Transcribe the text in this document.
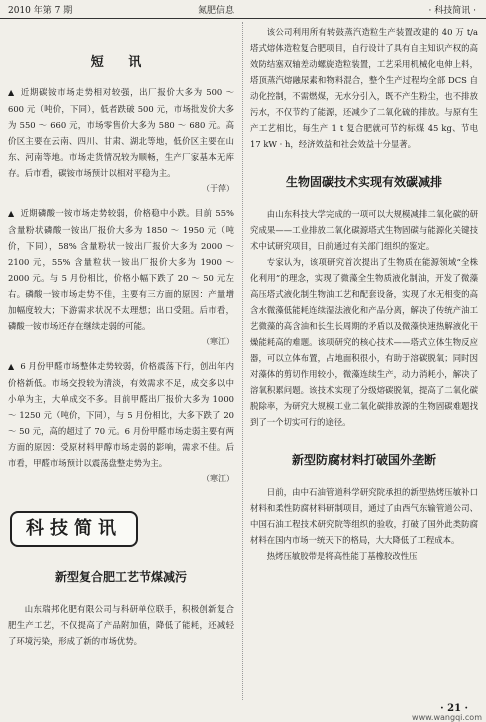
2010 年第 7 期	氮肥信息	· 科技简讯 ·
短 讯

▲ 近期碳铵市场走势相对较强，出厂报价大多为 500 ～ 600 元（吨价，下同），低者跌破 500 元，市场批发价大多为 550 ～ 660 元，市场零售价大多为 580 ～ 680 元。高价区主要在云南、四川、甘肃、湖北等地，低价区主要在山东、河南等地。市场走货情况较为顺畅，生产厂家基本无库存。后市看，碳铵市场预计以相对平稳为主。

（于萍）

▲ 近期磷酸一铵市场走势较弱，价格稳中小跌。目前 55% 含量粉状磷酸一铵出厂报价大多为 1850 ～ 1950 元（吨价，下同），58% 含量粉状一铵出厂报价大多为 2000 ～ 2100 元，55% 含量粒状一铵出厂报价大多为 1900 ～ 2000 元。与 5 月份相比，价格小幅下跌了 20 ～ 50 元左右。磷酸一铵市场走势不佳，主要有三方面的原因：产量增加幅度较大；下游需求状况不太理想；出口受阻。后市看，磷酸一铵市场还存在继续走弱的可能。

（寒江）

▲ 6 月份甲醛市场整体走势较弱，价格震荡下行，创出年内价格新低。市场交投较为清淡，有效需求不足，成交多以中小单为主，大单成交不多。目前甲醛出厂报价大多为 1000 ～ 1250 元（吨价，下同），与 5 月份相比，大多下跌了 20 ～ 50 元，高的超过了 70 元。6 月份甲醛市场走弱主要有两方面的原因：受原材料甲醇市场走弱的影响，需求不佳。后市看，甲醛市场预计以震荡盘整走势为主。

（寒江）
科技简讯
新型复合肥工艺节煤减污

山东瑞邦化肥有限公司与科研单位联手，积极创新复合肥生产工艺，不仅提高了产品附加值，降低了能耗，还减轻了环境污染，形成了新的市场优势。

该公司利用所有转鼓蒸汽造粒生产装置改建的 40 万 t/a 塔式熔体造粒复合肥项目，自行设计了具有自主知识产权的高效防结塞双轴差动螺旋造粒装置，工艺采用机械化电伸上料，塔顶蒸汽熔融尿素和物料混合，整个生产过程均全部 DCS 自动化控制，不需燃煤，无水分引入，既不产生粉尘，也不排放污水，不仅节约了能源，还减少了二氧化硫的排放。与原有生产工艺相比，每生产 1 t 复合肥就可节约标煤 45 kg、节电 17 kW · h，经济效益和社会效益十分显著。

生物固碳技术实现有效碳减排

由山东科技大学完成的一项可以大规模减排二氧化碳的研究成果——工业排放二氧化碳源塔式生物固碳与能源化关键技术中试研究项目，日前通过有关部门组织的鉴定。

专家认为，该项研究首次提出了生物质在能源领域“全株化利用”的理念，实现了微藻全生物质液化制油，开发了微藻高压塔式液化制生物油工艺和配套设备，实现了水无相变的高含水微藻低能耗连续湿法液化和产品分离，解决了传统产油工艺微藻的高含油和长生长周期的矛盾以及微藻快速热解液化干燥能耗高的难题。该项研究的核心技术——塔式立体生物反应器，可以立体布置，占地面积很小，有助于溶碳脱氧；同时因对藻体的剪切作用较小，微藻连续生产，动力消耗小，解决了溶氧积累问题。该技术实现了分级熔碳脱氧，提高了二氧化碳脱除率，为研究大规模工业二氧化碳排放源的生物固碳难题找到了一个切实可行的途径。

新型防腐材料打破国外垄断

日前，由中石油管道科学研究院承担的新型热烤压敏补口材料和柔性防腐材料研制项目，通过了由西气东输管道公司、中国石油工程技术研究院等组织的验收，打破了国外此类防腐材料在国内市场一统天下的格局，大大降低了工程成本。

热烤压敏胶带是将高性能丁基橡胶改性压

· 21 ·
www.wangqi.com
